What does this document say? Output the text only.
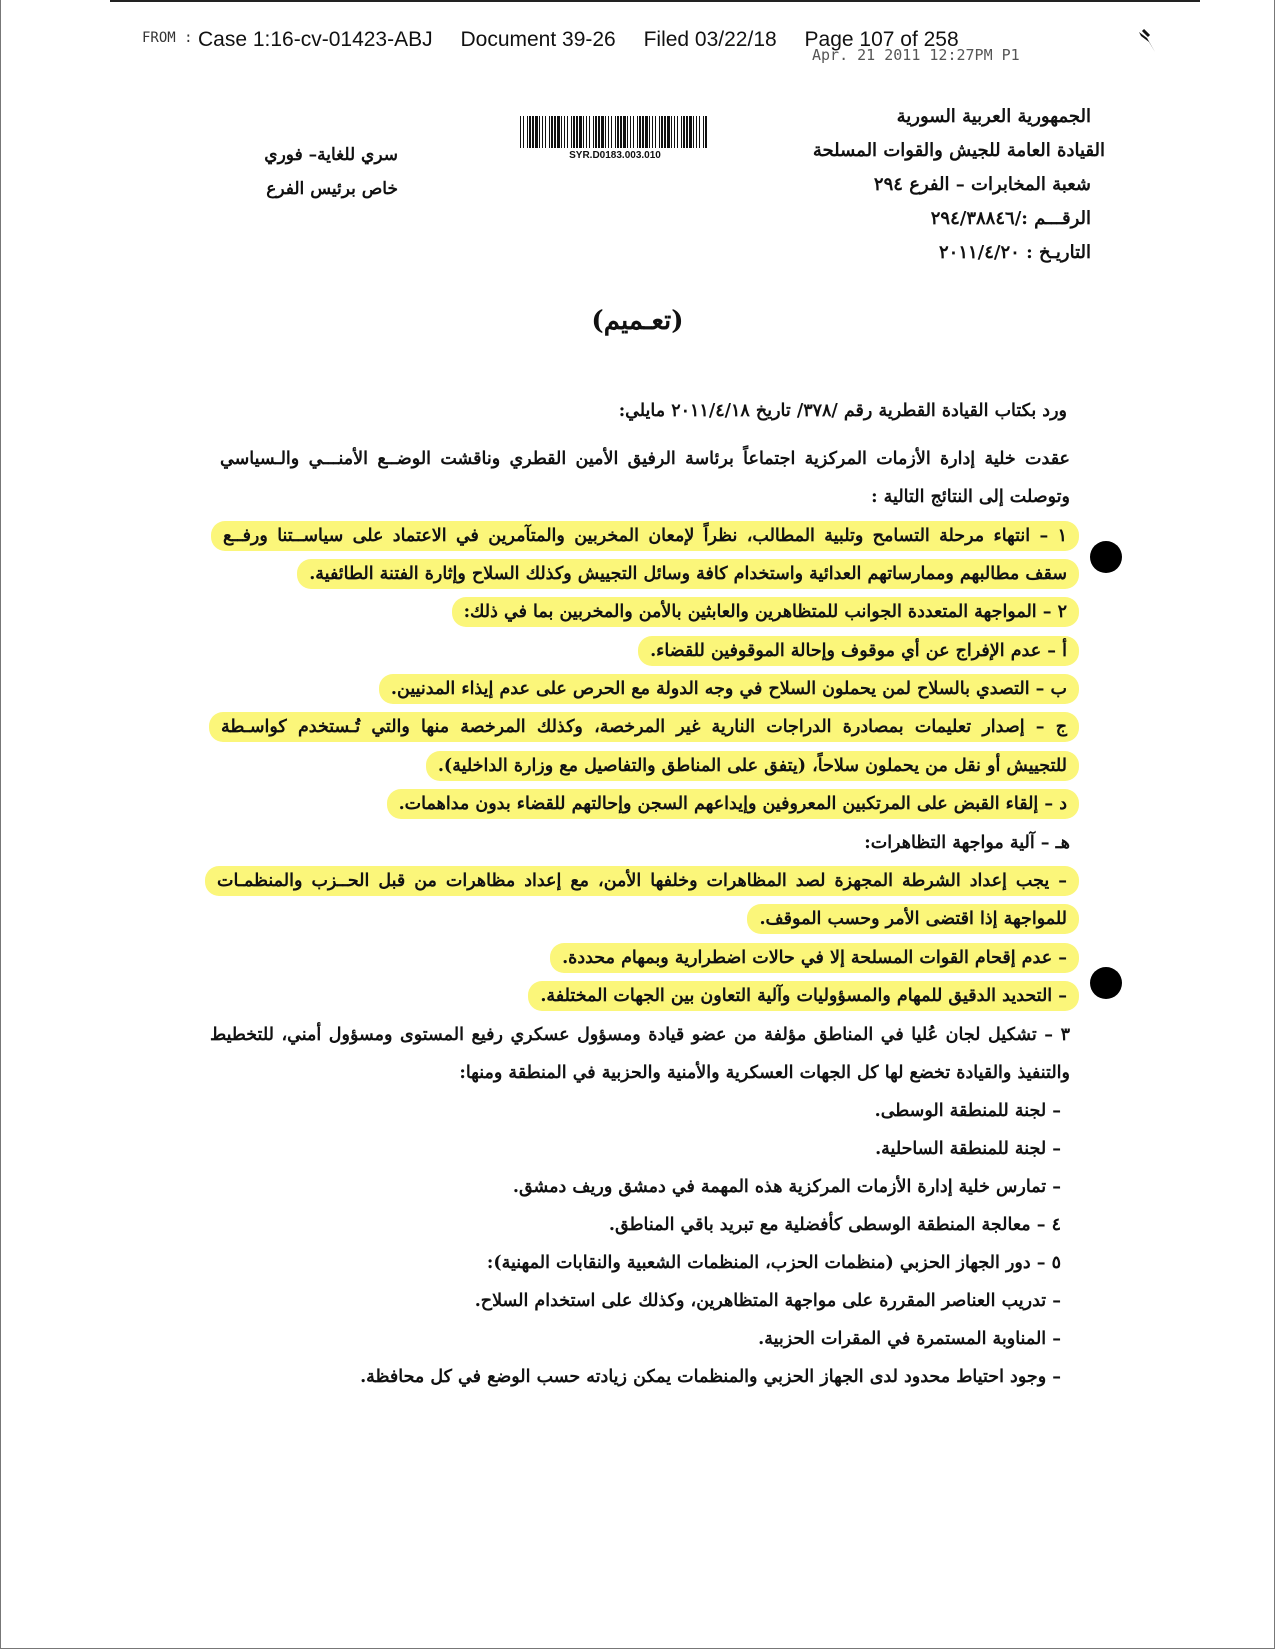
FROM : Case 1:16-cv-01423-ABJ Document 39-26 Filed 03/22/18 Page 107 of 258
Apr. 21 2011 12:27PM P1
الجمهورية العربية السورية
القيادة العامة للجيش والقوات المسلحة
شعبة المخابرات – الفرع ٢٩٤
الرقـــم :/٢٩٤/٣٨٨٤٦
التاريـخ : ٢٠١١/٤/٢٠
SYR.D0183.003.010
سري للغاية– فوري
خاص برئيس الفرع
(تعـميم)
ورد بكتاب القيادة القطرية رقم /٣٧٨/ تاريخ ٢٠١١/٤/١٨ مايلي:
عقدت خلية إدارة الأزمات المركزية اجتماعاً برئاسة الرفيق الأمين القطري وناقشت الوضــع الأمنـــي والـسياسي
وتوصلت إلى النتائج التالية :
١ – انتهاء مرحلة التسامح وتلبية المطالب، نظراً لإمعان المخربين والمتآمرين في الاعتماد على سياســتنا ورفــع
سقف مطالبهم وممارساتهم العدائية واستخدام كافة وسائل التجييش وكذلك السلاح وإثارة الفتنة الطائفية.
٢ – المواجهة المتعددة الجوانب للمتظاهرين والعابثين بالأمن والمخربين بما في ذلك:
أ – عدم الإفراج عن أي موقوف وإحالة الموقوفين للقضاء.
ب – التصدي بالسلاح لمن يحملون السلاح في وجه الدولة مع الحرص على عدم إيذاء المدنيين.
ج – إصدار تعليمات بمصادرة الدراجات النارية غير المرخصة، وكذلك المرخصة منها والتي تُـستخدم كواسـطة
للتجييش أو نقل من يحملون سلاحاً، (يتفق على المناطق والتفاصيل مع وزارة الداخلية).
د – إلقاء القبض على المرتكبين المعروفين وإيداعهم السجن وإحالتهم للقضاء بدون مداهمات.
هـ – آلية مواجهة التظاهرات:
– يجب إعداد الشرطة المجهزة لصد المظاهرات وخلفها الأمن، مع إعداد مظاهرات من قبل الحــزب والمنظمـات
للمواجهة إذا اقتضى الأمر وحسب الموقف.
– عدم إقحام القوات المسلحة إلا في حالات اضطرارية وبمهام محددة.
– التحديد الدقيق للمهام والمسؤوليات وآلية التعاون بين الجهات المختلفة.
٣ – تشكيل لجان عُليا في المناطق مؤلفة من عضو قيادة ومسؤول عسكري رفيع المستوى ومسؤول أمني، للتخطيط
والتنفيذ والقيادة تخضع لها كل الجهات العسكرية والأمنية والحزبية في المنطقة ومنها:
– لجنة للمنطقة الوسطى.
– لجنة للمنطقة الساحلية.
– تمارس خلية إدارة الأزمات المركزية هذه المهمة في دمشق وريف دمشق.
٤ – معالجة المنطقة الوسطى كأفضلية مع تبريد باقي المناطق.
٥ – دور الجهاز الحزبي (منظمات الحزب، المنظمات الشعبية والنقابات المهنية):
– تدريب العناصر المقررة على مواجهة المتظاهرين، وكذلك على استخدام السلاح.
– المناوبة المستمرة في المقرات الحزبية.
– وجود احتياط محدود لدى الجهاز الحزبي والمنظمات يمكن زيادته حسب الوضع في كل محافظة.
